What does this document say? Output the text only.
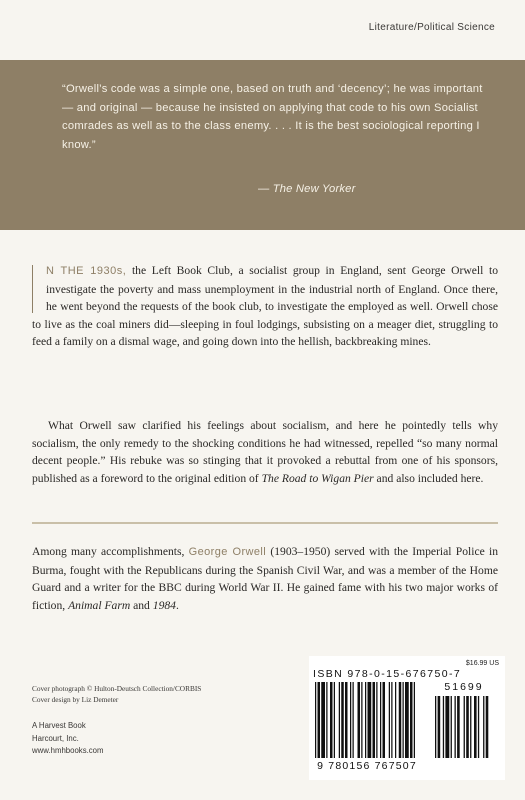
Literature/Political Science

“Orwell’s code was a simple one, based on truth and ‘decency’; he was important — and original — because he insisted on applying that code to his own Socialist comrades as well as to the class enemy. . . . It is the best sociological reporting I know.”

— The New Yorker

N THE 1930s, the Left Book Club, a socialist group in England, sent George Orwell to investigate the poverty and mass unemployment in the industrial north of England. Once there, he went beyond the requests of the book club, to investigate the employed as well. Orwell chose to live as the coal miners did—sleeping in foul lodgings, subsisting on a meager diet, struggling to feed a family on a dismal wage, and going down into the hellish, backbreaking mines.

What Orwell saw clarified his feelings about socialism, and here he pointedly tells why socialism, the only remedy to the shocking conditions he had witnessed, repelled “so many normal decent people.” His rebuke was so stinging that it provoked a rebuttal from one of his sponsors, published as a foreword to the original edition of The Road to Wigan Pier and also included here.

Among many accomplishments, George Orwell (1903–1950) served with the Imperial Police in Burma, fought with the Republicans during the Spanish Civil War, and was a member of the Home Guard and a writer for the BBC during World War II. He gained fame with his two major works of fiction, Animal Farm and 1984.

Cover photograph © Hulton-Deutsch Collection/CORBIS
Cover design by Liz Demeter
A Harvest Book
Harcourt, Inc.
www.hmhbooks.com
$16.99 US
ISBN 978-0-15-676750-7
51699
9 780156 767507
